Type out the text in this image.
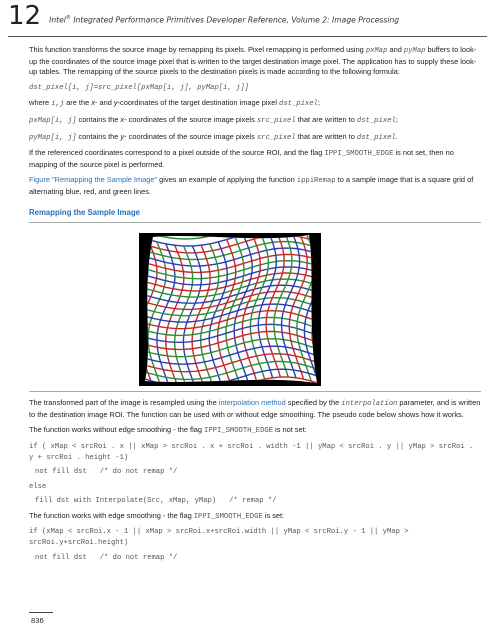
12 Intel® Integrated Performance Primitives Developer Reference, Volume 2: Image Processing

This function transforms the source image by remapping its pixels. Pixel remapping is performed using pxMap and pyMap buffers to look-up the coordinates of the source image pixel that is written to the target destination image pixel. The application has to supply these look-up tables. The remapping of the source pixels to the destination pixels is made according to the following formula:

dst_pixel[i, j]=src_pixel[pxMap[i, j], pyMap[i, j]]

where i,j are the x- and y-coordinates of the target destination image pixel dst_pixel;

pxMap[i, j] contains the x- coordinates of the source image pixels src_pixel that are written to dst_pixel;

pyMap[i, j] contains the y- coordinates of the source image pixels src_pixel that are written to dst_pixel.

If the referenced coordinates correspond to a pixel outside of the source ROI, and the flag IPPI_SMOOTH_EDGE is not set, then no mapping of the source pixel is performed.

Figure "Remapping the Sample Image" gives an example of applying the function ippiRemap to a sample image that is a square grid of alternating blue, red, and green lines.

Remapping the Sample Image

The transformed part of the image is resampled using the interpolation method specified by the interpolation parameter, and is written to the destination image ROI. The function can be used with or without edge smoothing. The pseudo code below shows how it works.

The function works without edge smoothing - the flag IPPI_SMOOTH_EDGE is not set:

if ( xMap < srcRoi . x || xMap > srcRoi . x + srcRoi . width -1 || yMap < srcRoi . y || yMap > srcRoi . y + srcRoi . height -1)
not fill dst   /* do not remap */
else
fill dst with Interpolate(Src, xMap, yMap)   /* remap */

The function works with edge smoothing - the flag IPPI_SMOOTH_EDGE is set:

if (xMap < srcRoi.x - 1 || xMap > srcRoi.x+srcRoi.width || yMap < srcRoi.y - 1 || yMap > srcRoi.y+srcRoi.height)
not fill dst   /* do not remap */
836
